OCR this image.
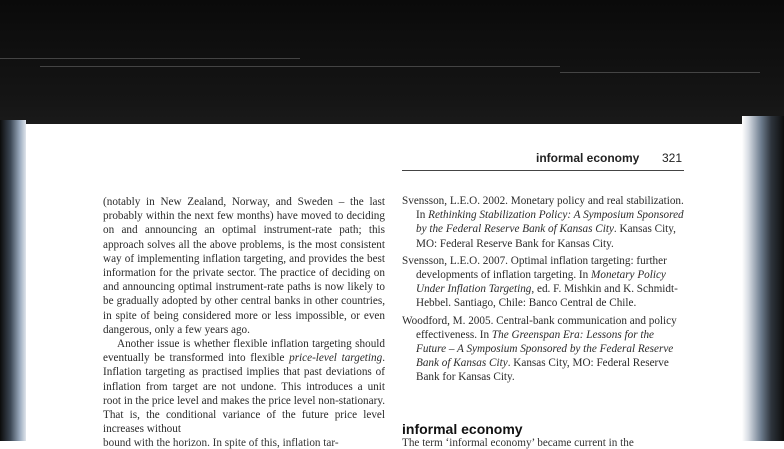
informal economy 321

(notably in New Zealand, Norway, and Sweden – the last probably within the next few months) have moved to deciding on and announcing an optimal instrument-rate path; this approach solves all the above problems, is the most consistent way of implementing inflation targeting, and provides the best information for the private sector. The practice of deciding on and announcing optimal instrument-rate paths is now likely to be gradually adopted by other central banks in other countries, in spite of being considered more or less impossible, or even dangerous, only a few years ago.

Another issue is whether flexible inflation targeting should eventually be transformed into flexible price-level targeting. Inflation targeting as practised implies that past deviations of inflation from target are not undone. This introduces a unit root in the price level and makes the price level non-stationary. That is, the conditional variance of the future price level increases without

bound with the horizon. In spite of this, inflation tar-

Svensson, L.E.O. 2002. Monetary policy and real stabilization. In Rethinking Stabilization Policy: A Symposium Sponsored by the Federal Reserve Bank of Kansas City. Kansas City, MO: Federal Reserve Bank for Kansas City.

Svensson, L.E.O. 2007. Optimal inflation targeting: further developments of inflation targeting. In Monetary Policy Under Inflation Targeting, ed. F. Mishkin and K. Schmidt-Hebbel. Santiago, Chile: Banco Central de Chile.

Woodford, M. 2005. Central-bank communication and policy effectiveness. In The Greenspan Era: Lessons for the Future – A Symposium Sponsored by the Federal Reserve Bank of Kansas City. Kansas City, MO: Federal Reserve Bank for Kansas City.

informal economy
The term ‘informal economy’ became current in the
